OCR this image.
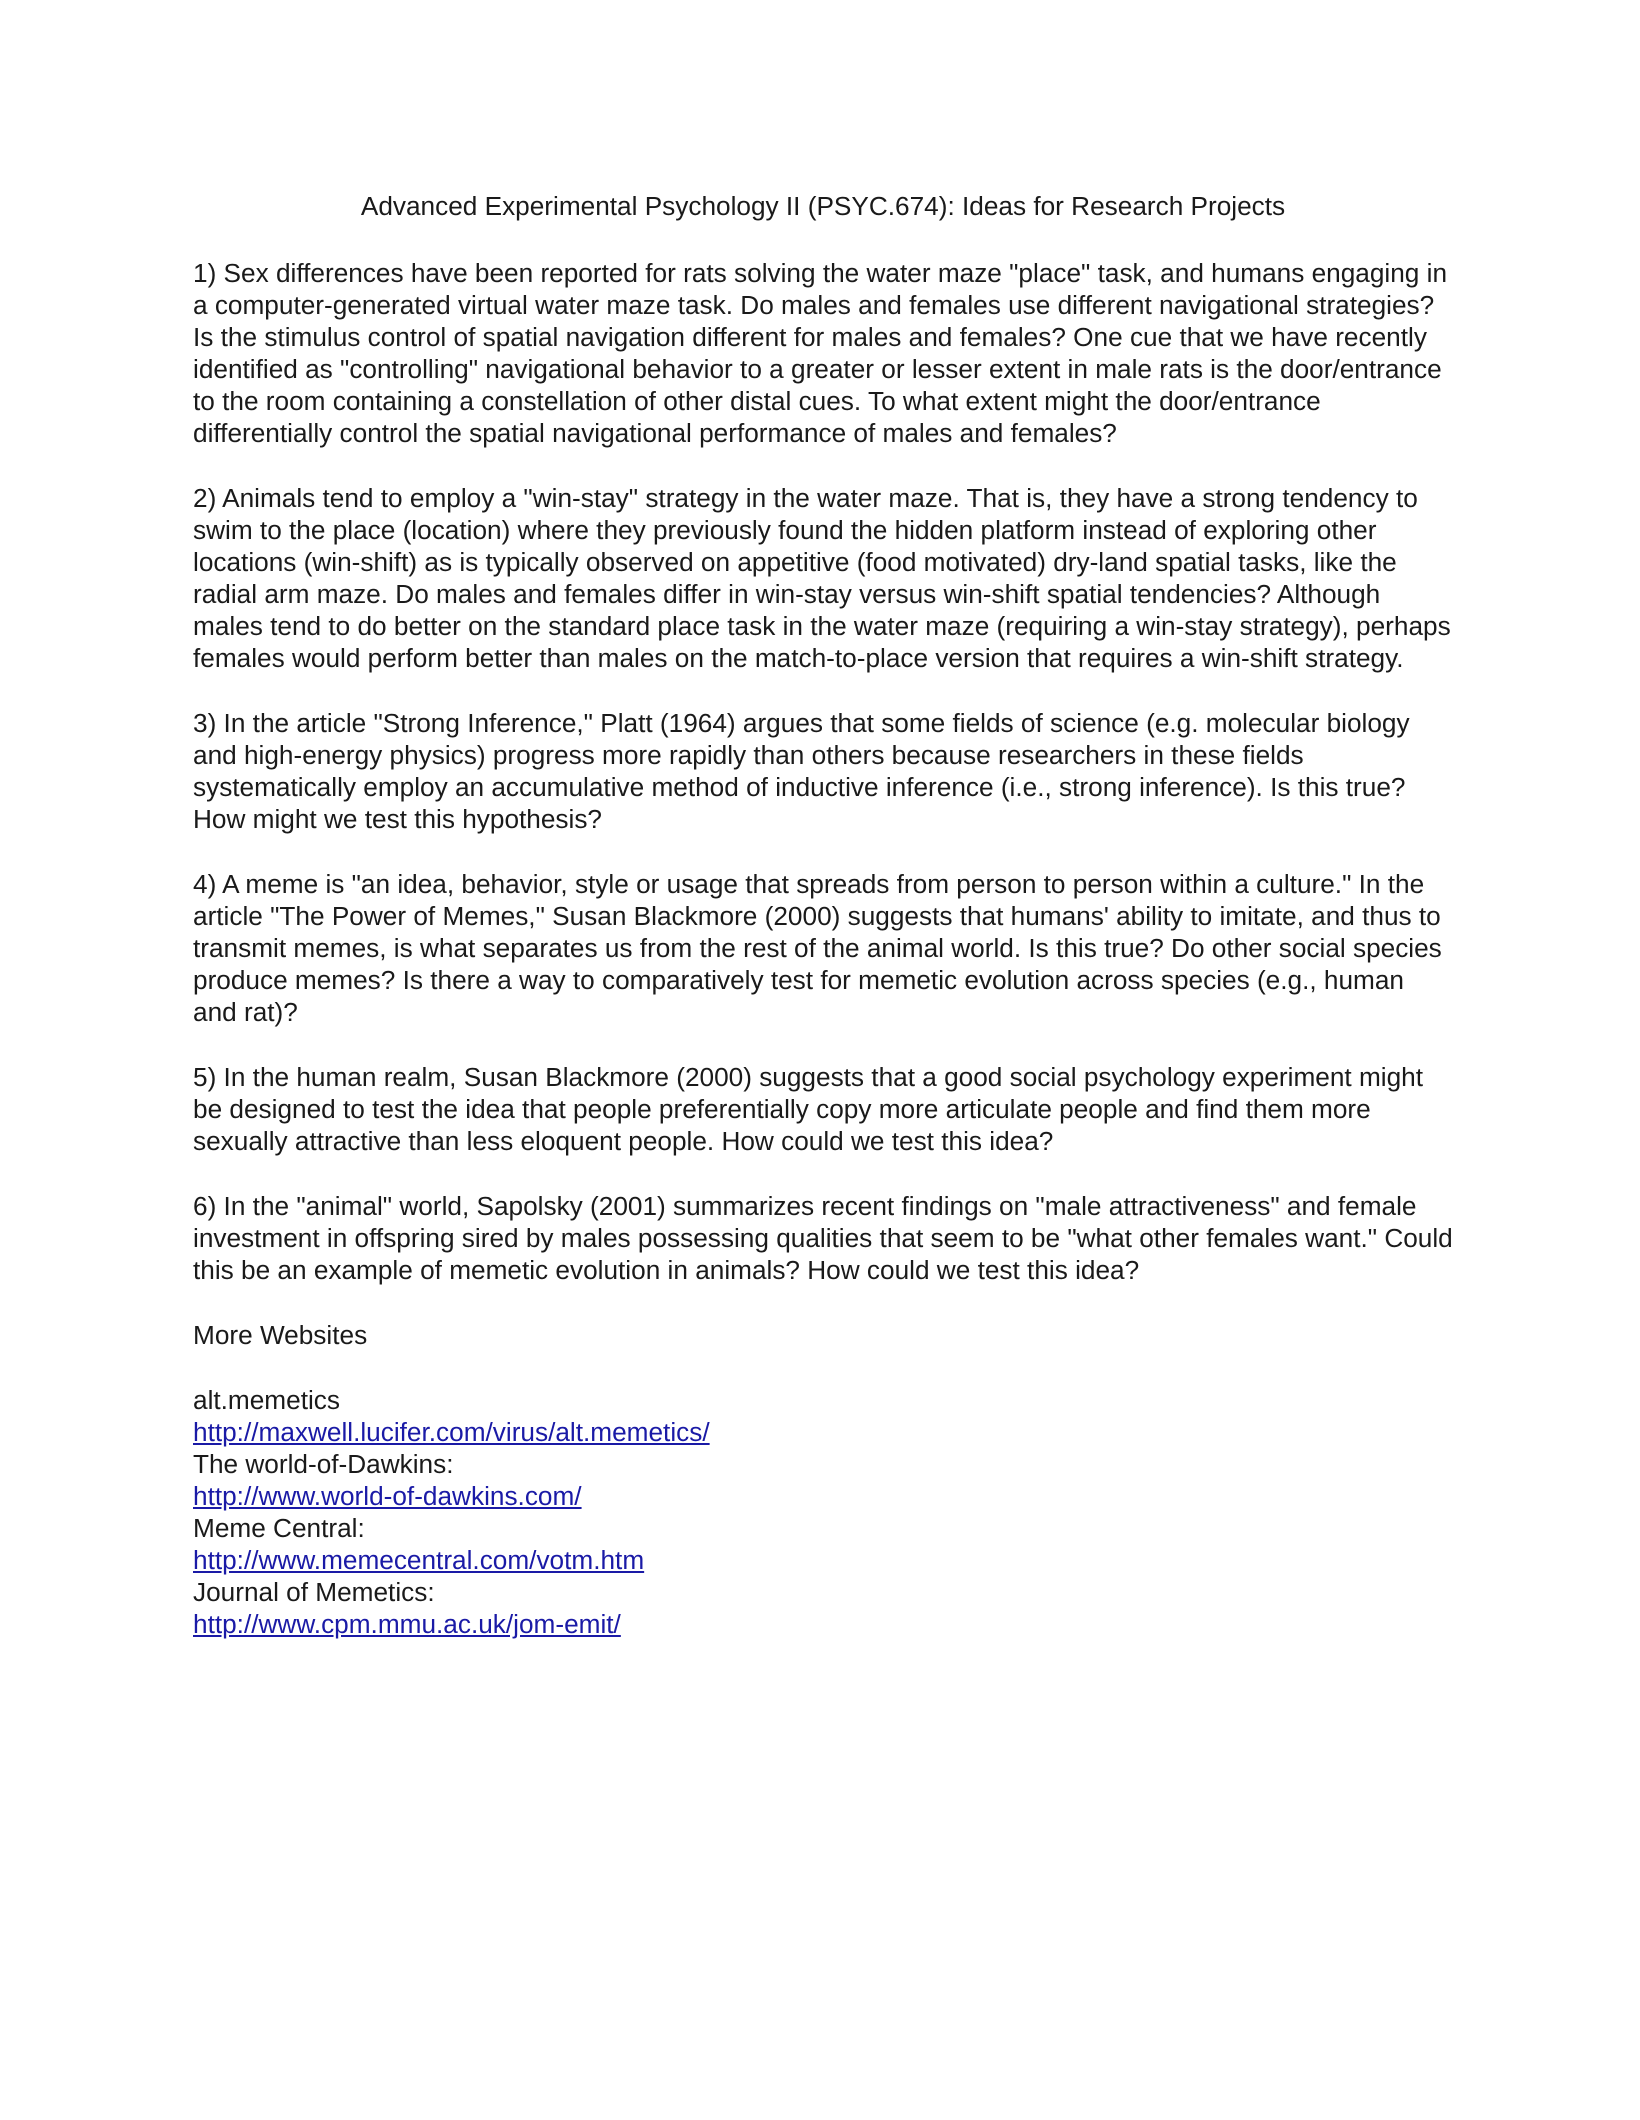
Advanced Experimental Psychology II (PSYC.674): Ideas for Research Projects
1) Sex differences have been reported for rats solving the water maze "place" task, and humans engaging in a computer-generated virtual water maze task. Do males and females use different navigational strategies? Is the stimulus control of spatial navigation different for males and females? One cue that we have recently identified as "controlling" navigational behavior to a greater or lesser extent in male rats is the door/entrance to the room containing a constellation of other distal cues. To what extent might the door/entrance differentially control the spatial navigational performance of males and females?
2) Animals tend to employ a "win-stay" strategy in the water maze. That is, they have a strong tendency to swim to the place (location) where they previously found the hidden platform instead of exploring other locations (win-shift) as is typically observed on appetitive (food motivated) dry-land spatial tasks, like the radial arm maze. Do males and females differ in win-stay versus win-shift spatial tendencies? Although males tend to do better on the standard place task in the water maze (requiring a win-stay strategy), perhaps females would perform better than males on the match-to-place version that requires a win-shift strategy.
3) In the article "Strong Inference," Platt (1964) argues that some fields of science (e.g. molecular biology and high-energy physics) progress more rapidly than others because researchers in these fields systematically employ an accumulative method of inductive inference (i.e., strong inference). Is this true? How might we test this hypothesis?
4) A meme is "an idea, behavior, style or usage that spreads from person to person within a culture." In the article "The Power of Memes," Susan Blackmore (2000) suggests that humans' ability to imitate, and thus to transmit memes, is what separates us from the rest of the animal world. Is this true? Do other social species produce memes? Is there a way to comparatively test for memetic evolution across species (e.g., human and rat)?
5) In the human realm, Susan Blackmore (2000) suggests that a good social psychology experiment might be designed to test the idea that people preferentially copy more articulate people and find them more sexually attractive than less eloquent people. How could we test this idea?
6) In the "animal" world, Sapolsky (2001) summarizes recent findings on "male attractiveness" and female investment in offspring sired by males possessing qualities that seem to be "what other females want." Could this be an example of memetic evolution in animals? How could we test this idea?
More Websites
alt.memetics
http://maxwell.lucifer.com/virus/alt.memetics/
The world-of-Dawkins:
http://www.world-of-dawkins.com/
Meme Central:
http://www.memecentral.com/votm.htm
Journal of Memetics:
http://www.cpm.mmu.ac.uk/jom-emit/
